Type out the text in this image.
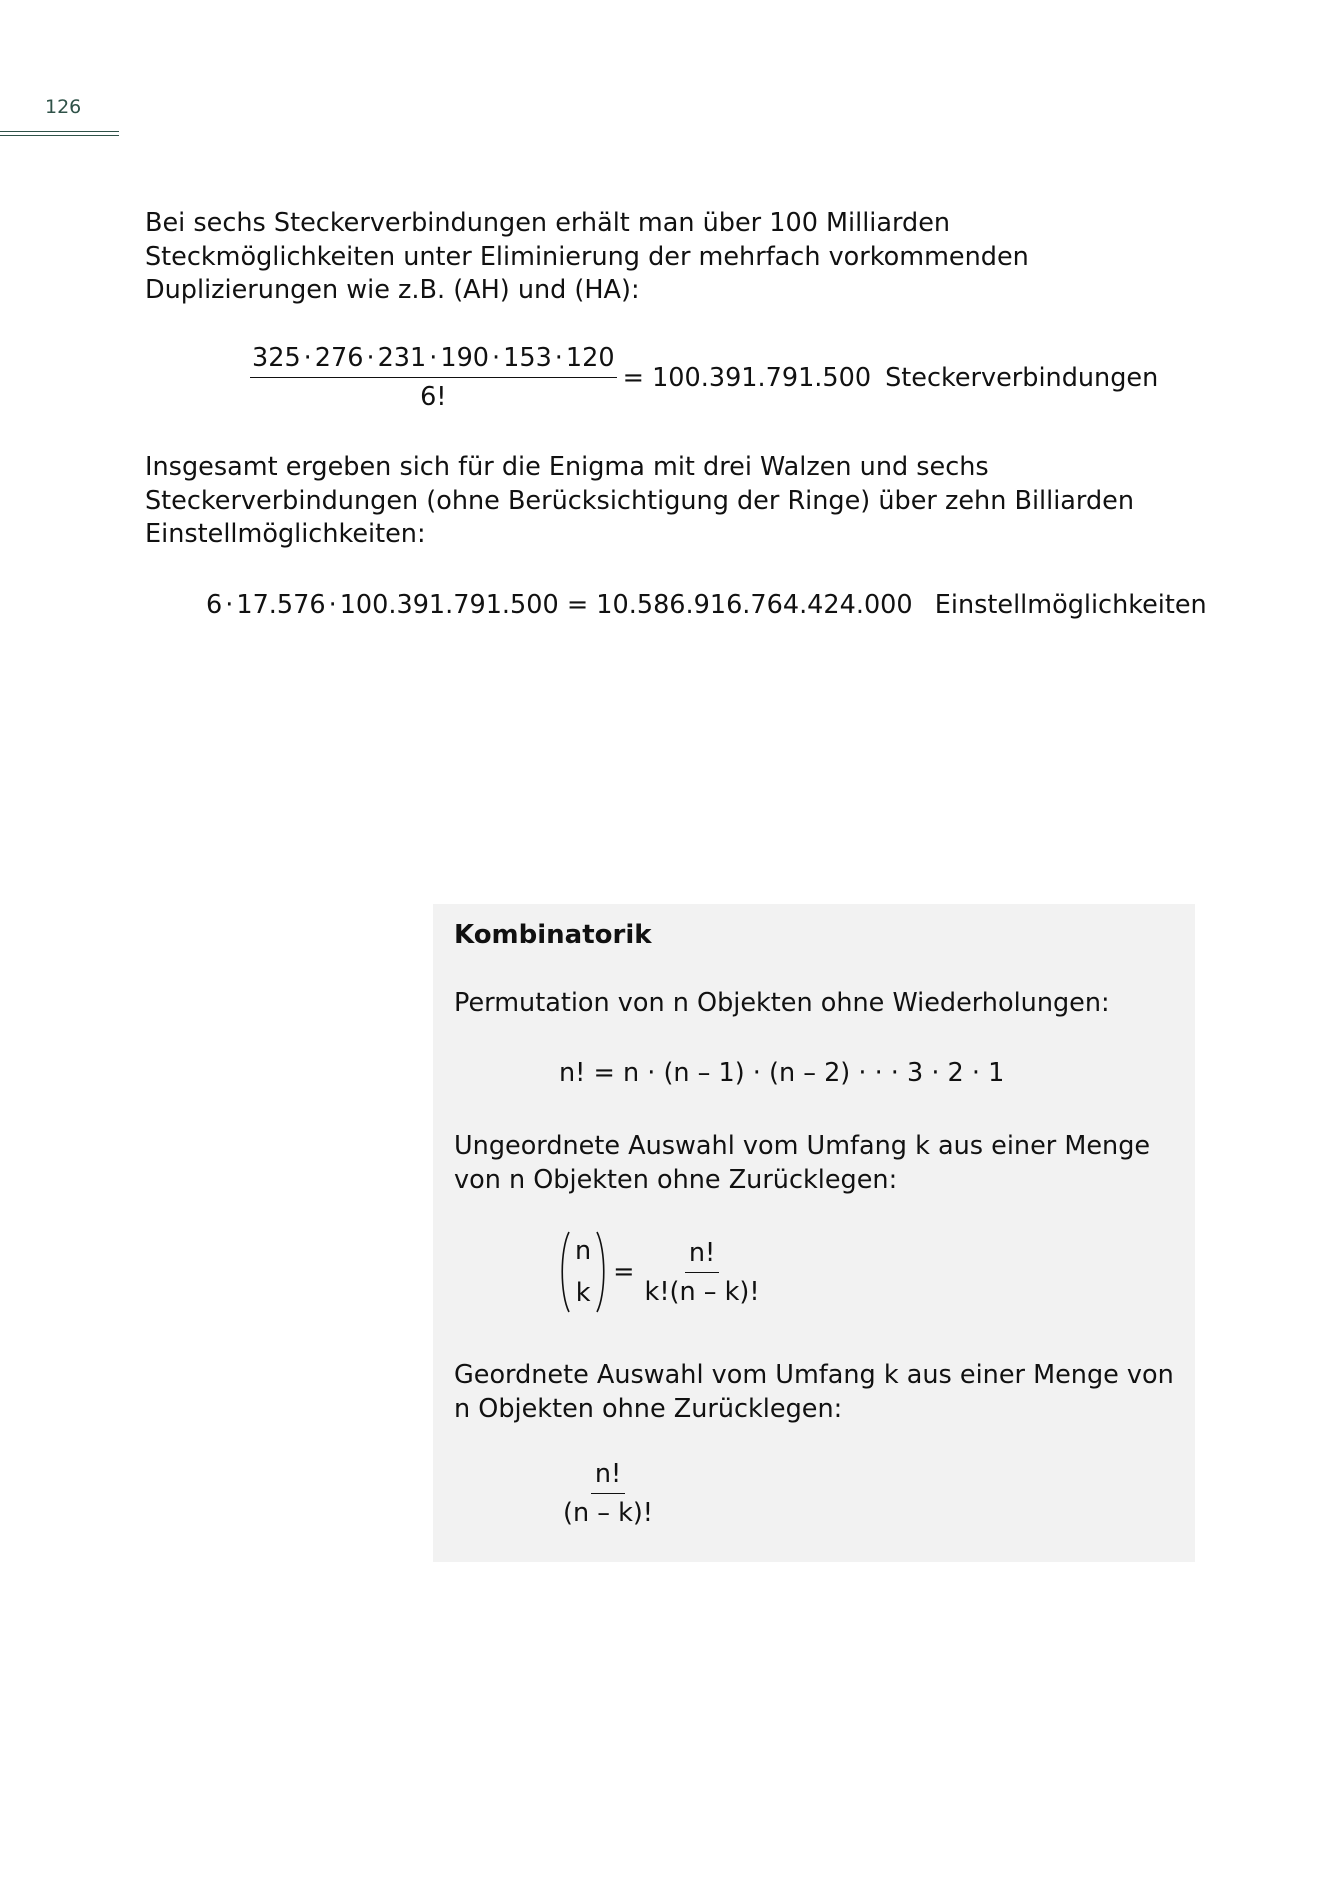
126

Bei sechs Steckerverbindungen erhält man über 100 Milliarden Steckmöglichkeiten unter Eliminierung der mehrfach vorkommenden Duplizierungen wie z.B. (AH) und (HA):

$\frac{325 \cdot 276 \cdot 231 \cdot 190 \cdot 153 \cdot 120}{6!} = 100.391.791.500$ Steckerverbindungen

Insgesamt ergeben sich für die Enigma mit drei Walzen und sechs Steckerverbindungen (ohne Berücksichtigung der Ringe) über zehn Billiarden Einstellmöglichkeiten:

6 · 17.576 · 100.391.791.500 = 10.586.916.764.424.000 Einstellmöglichkeiten
Kombinatorik

Permutation von n Objekten ohne Wiederholungen:

n! = n · (n – 1) · (n – 2) · · · 3 · 2 · 1

Ungeordnete Auswahl vom Umfang k aus einer Menge von n Objekten ohne Zurücklegen:

n
k
= $\frac{n!}{k!(n - k)!}$

Geordnete Auswahl vom Umfang k aus einer Menge von n Objekten ohne Zurücklegen:

$\frac{n!}{(n - k)!}$
